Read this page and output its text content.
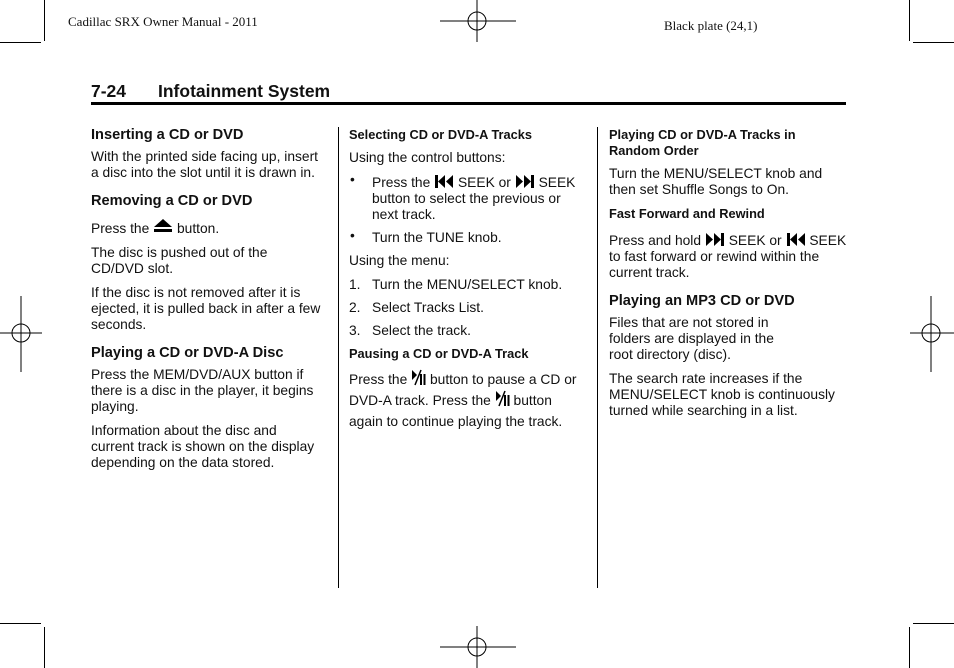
Cadillac SRX Owner Manual - 2011	Black plate (24,1)
7-24 Infotainment System
Inserting a CD or DVD

With the printed side facing up, insert a disc into the slot until it is drawn in.

Removing a CD or DVD

Press the button.

The disc is pushed out of the CD/DVD slot.

If the disc is not removed after it is ejected, it is pulled back in after a few seconds.

Playing a CD or DVD-A Disc

Press the MEM/DVD/AUX button if there is a disc in the player, it begins playing.

Information about the disc and current track is shown on the display depending on the data stored.

Selecting CD or DVD-A Tracks

Using the control buttons:

• Press the SEEK or SEEK button to select the previous or next track.
• Turn the TUNE knob.

Using the menu:

1. Turn the MENU/SELECT knob.
2. Select Tracks List.
3. Select the track.
Pausing a CD or DVD-A Track

Press the button to pause a CD or DVD-A track. Press the button again to continue playing the track.

Playing CD or DVD-A Tracks in Random Order

Turn the MENU/SELECT knob and then set Shuffle Songs to On.

Fast Forward and Rewind

Press and hold SEEK or SEEK to fast forward or rewind within the current track.

Playing an MP3 CD or DVD

Files that are not stored in folders are displayed in the root directory (disc).

The search rate increases if the MENU/SELECT knob is continuously turned while searching in a list.
